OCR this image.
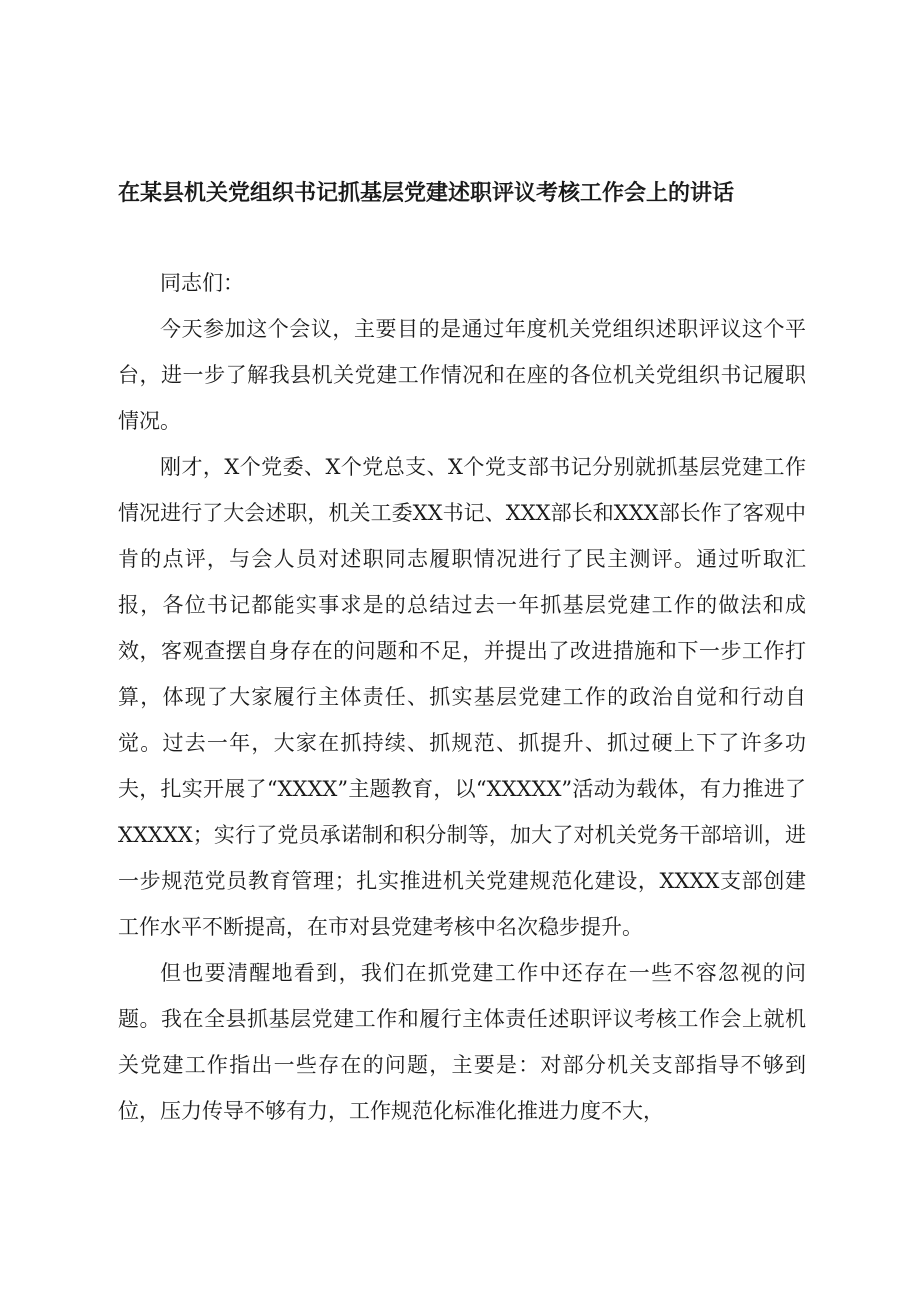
在某县机关党组织书记抓基层党建述职评议考核工作会上的讲话

同志们：

今天参加这个会议，主要目的是通过年度机关党组织述职评议这个平台，进一步了解我县机关党建工作情况和在座的各位机关党组织书记履职情况。

刚才，X个党委、X个党总支、X个党支部书记分别就抓基层党建工作情况进行了大会述职，机关工委XX书记、XXX部长和XXX部长作了客观中肯的点评，与会人员对述职同志履职情况进行了民主测评。通过听取汇报，各位书记都能实事求是的总结过去一年抓基层党建工作的做法和成效，客观查摆自身存在的问题和不足，并提出了改进措施和下一步工作打算，体现了大家履行主体责任、抓实基层党建工作的政治自觉和行动自觉。过去一年，大家在抓持续、抓规范、抓提升、抓过硬上下了许多功夫，扎实开展了“XXXX”主题教育，以“XXXXX”活动为载体，有力推进了XXXXX；实行了党员承诺制和积分制等，加大了对机关党务干部培训，进一步规范党员教育管理；扎实推进机关党建规范化建设，XXXX支部创建工作水平不断提高，在市对县党建考核中名次稳步提升。

但也要清醒地看到，我们在抓党建工作中还存在一些不容忽视的问题。我在全县抓基层党建工作和履行主体责任述职评议考核工作会上就机关党建工作指出一些存在的问题，主要是：对部分机关支部指导不够到位，压力传导不够有力，工作规范化标准化推进力度不大，
